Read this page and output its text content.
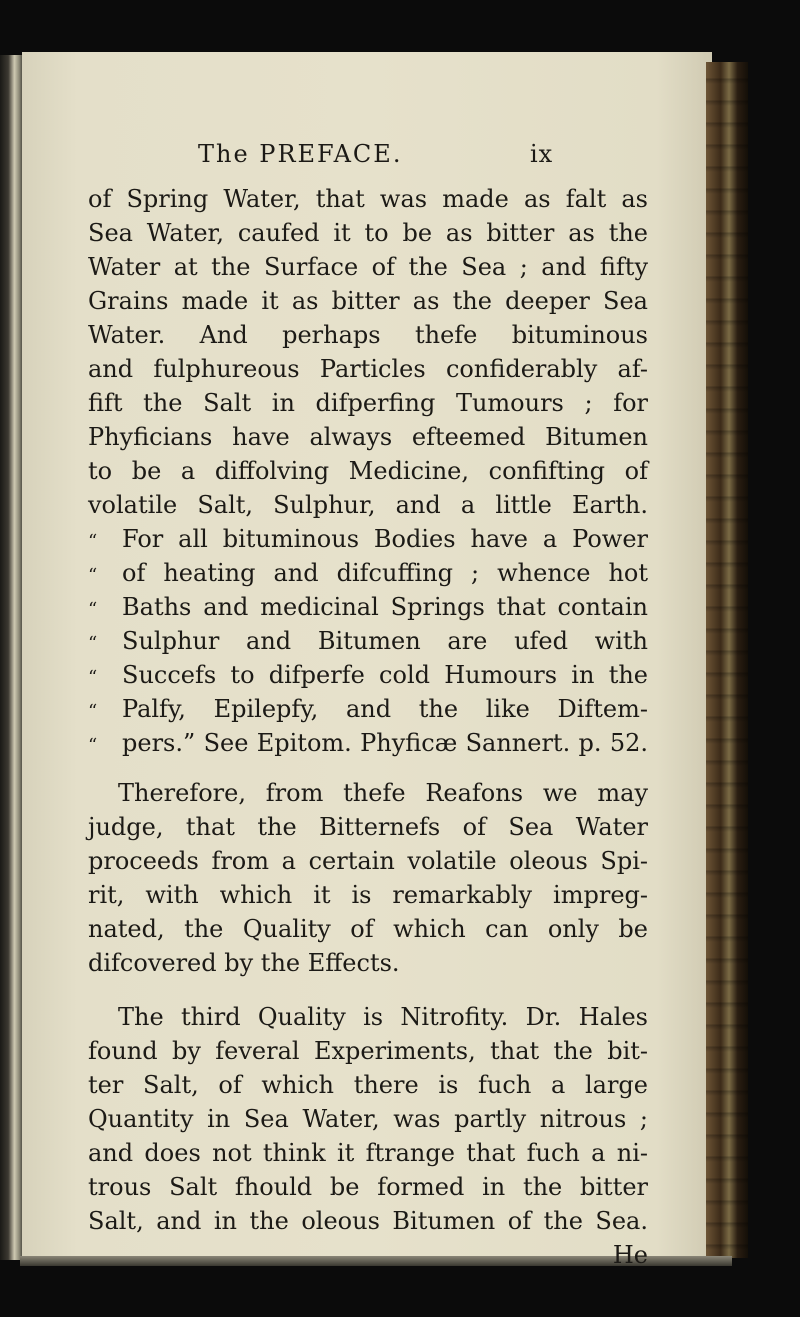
The PREFACE.	ix
of Spring Water, that was made as falt as
Sea Water, caufed it to be as bitter as the
Water at the Surface of the Sea ; and fifty
Grains made it as bitter as the deeper Sea
Water. And perhaps thefe bituminous
and fulphureous Particles confiderably af-
fift the Salt in difperfing Tumours ; for
Phyficians have always efteemed Bitumen
to be a diffolving Medicine, confifting of
volatile Salt, Sulphur, and a little Earth.
“ For all bituminous Bodies have a Power
“ of heating and difcuffing ; whence hot
“ Baths and medicinal Springs that contain
“ Sulphur and Bitumen are ufed with
“ Succefs to difperfe cold Humours in the
“ Palfy, Epilepfy, and the like Diftem-
“ pers.” See Epitom. Phyficæ Sannert. p. 52.
Therefore, from thefe Reafons we may
judge, that the Bitternefs of Sea Water
proceeds from a certain volatile oleous Spi-
rit, with which it is remarkably impreg-
nated, the Quality of which can only be
difcovered by the Effects.
The third Quality is Nitrofity. Dr. Hales
found by feveral Experiments, that the bit-
ter Salt, of which there is fuch a large
Quantity in Sea Water, was partly nitrous ;
and does not think it ftrange that fuch a ni-
trous Salt fhould be formed in the bitter
Salt, and in the oleous Bitumen of the Sea.
He
